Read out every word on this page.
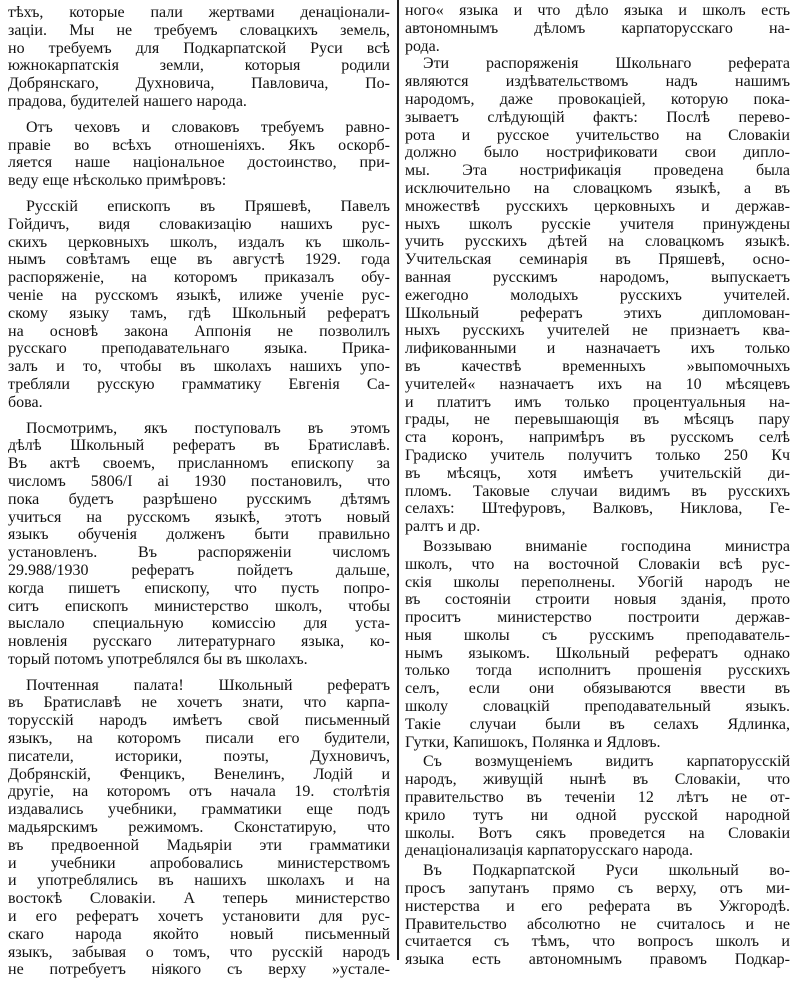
тѣхъ, которые пали жертвами денаціонали-
заціи. Мы не требуемъ словацкихъ земель,
но требуемъ для Подкарпатской Руси всѣ
южнокарпатскія земли, которыя родили
Добрянскаго, Духновича, Павловича, По-
прадова, будителей нашего народа.
Отъ чеховъ и словаковъ требуемъ равно-
правіе во всѣхъ отношеніяхъ. Якъ оскорб-
ляется наше національное достоинство, при-
веду еще нѣсколько примѣровъ:
Русскій епископъ въ Пряшевѣ, Павелъ
Гойдичъ, видя словакизацію нашихъ рус-
скихъ церковныхъ школъ, издалъ къ школь-
нымъ совѣтамъ еще въ августѣ 1929. года
распоряженіе, на которомъ приказалъ обу-
ченіе на русскомъ языкѣ, илиже ученіе рус-
скому языку тамъ, гдѣ Школьный рефератъ
на основѣ закона Аппонія не позволилъ
русскаго преподавательнаго языка. Прика-
залъ и то, чтобы въ школахъ нашихъ упо-
требляли русскую грамматику Евгенія Са-
бова.
Посмотримъ, якъ поступовалъ въ этомъ
дѣлѣ Школьный рефератъ въ Братиславѣ.
Въ актѣ своемъ, присланномъ епископу за
числомъ 5806/I ai 1930 постановилъ, что
пока будетъ разрѣшено русскимъ дѣтямъ
учиться на русскомъ языкѣ, этотъ новый
языкъ обученія долженъ быти правильно
установленъ. Въ распоряженіи числомъ
29.988/1930 рефератъ пойдетъ дальше,
когда пишетъ епископу, что пусть попро-
ситъ епископъ министерство школъ, чтобы
выслало специальную комиссію для уста-
новленія русскаго литературнаго языка, ко-
торый потомъ употреблялся бы въ школахъ.
Почтенная палата! Школьный рефератъ
въ Братиславѣ не хочетъ знати, что карпа-
торусскій народъ имѣетъ свой письменный
языкъ, на которомъ писали его будители,
писатели, историки, поэты, Духновичъ,
Добрянскій, Фенцикъ, Венелинъ, Лодій и
другіе, на которомъ отъ начала 19. столѣтія
издавались учебники, грамматики еще подъ
мадьярскимъ режимомъ. Сконстатирую, что
въ предвоенной Мадьяріи эти грамматики
и учебники апробовались министерствомъ
и употреблялись въ нашихъ школахъ и на
востокѣ Словакіи. А теперь министерство
и его рефератъ хочетъ установити для рус-
скаго народа якойто новый письменный
языкъ, забывая о томъ, что русскій народъ
не потребуетъ ніякого съ верху »устале-
ного« языка и что дѣло языка и школъ есть
автономнымъ дѣломъ карпаторусскаго на-
рода.
Эти распоряженія Школьнаго реферата
являются издѣвательствомъ надъ нашимъ
народомъ, даже провокаціей, которую пока-
зываетъ слѣдующій фактъ: Послѣ перево-
рота и русское учительство на Словакіи
должно было нострификовати свои дипло-
мы. Эта нострификація проведена была
исключительно на словацкомъ языкѣ, а въ
множествѣ русскихъ церковныхъ и держав-
ныхъ школъ русскіе учителя принуждены
учить русскихъ дѣтей на словацкомъ языкѣ.
Учительская семинарія въ Пряшевѣ, осно-
ванная русскимъ народомъ, выпускаетъ
ежегодно молодыхъ русскихъ учителей.
Школьный рефератъ этихъ дипломован-
ныхъ русскихъ учителей не признаетъ ква-
лификованными и назначаетъ ихъ только
въ качествѣ временныхъ »выпомочныхъ
учителей« назначаетъ ихъ на 10 мѣсяцевъ
и платитъ имъ только процентуальныя на-
грады, не перевышающія въ мѣсяцъ пару
ста коронъ, напримѣръ въ русскомъ селѣ
Градиско учитель получитъ только 250 Кч
въ мѣсяцъ, хотя имѣетъ учительскій ди-
пломъ. Таковые случаи видимъ въ русскихъ
селахъ: Штефуровъ, Валковъ, Никлова, Ге-
ралтъ и др.
Воззываю вниманіе господина министра
школъ, что на восточной Словакіи всѣ рус-
скія школы переполнены. Убогій народъ не
въ состояніи строити новыя зданія, прото
проситъ министерство построити держав-
ныя школы съ русскимъ преподаватель-
нымъ языкомъ. Школьный рефератъ однако
только тогда исполнитъ прошенія русскихъ
селъ, если они обязываются ввести въ
школу словацкій преподавательный языкъ.
Такіе случаи были въ селахъ Ядлинка,
Гутки, Капишокъ, Полянка и Ядловъ.
Съ возмущеніемъ видитъ карпаторусскій
народъ, живущій нынѣ въ Словакіи, что
правительство въ теченіи 12 лѣтъ не от-
крило тутъ ни одной русской народной
школы. Вотъ сякъ проведется на Словакіи
денаціонализація карпаторусскаго народа.
Въ Подкарпатской Руси школьный во-
просъ запутанъ прямо съ верху, отъ ми-
нистерства и его реферата въ Ужгородѣ.
Правительство абсолютно не считалось и не
считается съ тѣмъ, что вопросъ школъ и
языка есть автономнымъ правомъ Подкар-
